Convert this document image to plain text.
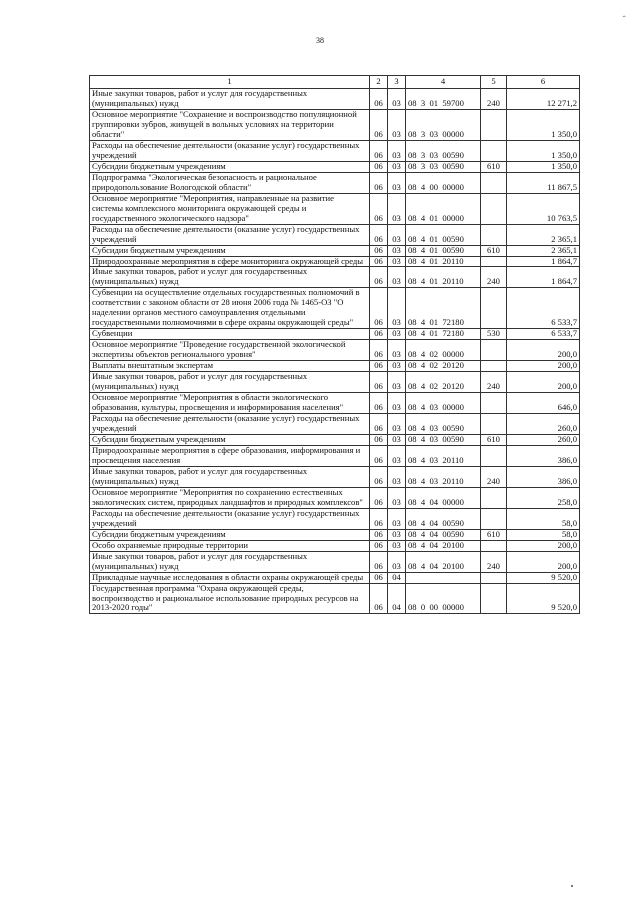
38
1	2	3	4	5	6
Иные закупки товаров, работ и услуг для государственных (муниципальных) нужд	06	03	08  3  01  59700	240	12 271,2
Основное мероприятие "Сохранение и воспроизводство популяционной группировки зубров, живущей в вольных условиях на территории области"	06	03	08  3  03  00000		1 350,0
Расходы на обеспечение деятельности (оказание услуг) государственных учреждений	06	03	08  3  03  00590		1 350,0
Субсидии бюджетным учреждениям	06	03	08  3  03  00590	610	1 350,0
Подпрограмма "Экологическая безопасность и рациональное природопользование Вологодской области"	06	03	08  4  00  00000		11 867,5
Основное мероприятие "Мероприятия, направленные на развитие системы комплексного мониторинга окружающей среды и государственного экологического надзора"	06	03	08  4  01  00000		10 763,5
Расходы на обеспечение деятельности (оказание услуг) государственных учреждений	06	03	08  4  01  00590		2 365,1
Субсидии бюджетным учреждениям	06	03	08  4  01  00590	610	2 365,1
Природоохранные мероприятия в сфере мониторинга окружающей среды	06	03	08  4  01  20110		1 864,7
Иные закупки товаров, работ и услуг для государственных (муниципальных) нужд	06	03	08  4  01  20110	240	1 864,7
Субвенции на осуществление отдельных государственных полномочий в соответствии с законом области от 28 июня 2006 года № 1465-ОЗ "О наделении органов местного самоуправления отдельными государственными полномочиями в сфере охраны окружающей среды"	06	03	08  4  01  72180		6 533,7
Субвенции	06	03	08  4  01  72180	530	6 533,7
Основное мероприятие "Проведение государственной экологической экспертизы объектов регионального уровня"	06	03	08  4  02  00000		200,0
Выплаты внештатным экспертам	06	03	08  4  02  20120		200,0
Иные закупки товаров, работ и услуг для государственных (муниципальных) нужд	06	03	08  4  02  20120	240	200,0
Основное мероприятие "Мероприятия в области экологического образования, культуры, просвещения и информирования населения"	06	03	08  4  03  00000		646,0
Расходы на обеспечение деятельности (оказание услуг) государственных учреждений	06	03	08  4  03  00590		260,0
Субсидии бюджетным учреждениям	06	03	08  4  03  00590	610	260,0
Природоохранные мероприятия в сфере образования, информирования и просвещения населения	06	03	08  4  03  20110		386,0
Иные закупки товаров, работ и услуг для государственных (муниципальных) нужд	06	03	08  4  03  20110	240	386,0
Основное мероприятие "Мероприятия по сохранению естественных экологических систем, природных ландшафтов и природных комплексов"	06	03	08  4  04  00000		258,0
Расходы на обеспечение деятельности (оказание услуг) государственных учреждений	06	03	08  4  04  00590		58,0
Субсидии бюджетным учреждениям	06	03	08  4  04  00590	610	58,0
Особо охраняемые природные территории	06	03	08  4  04  20100		200,0
Иные закупки товаров, работ и услуг для государственных (муниципальных) нужд	06	03	08  4  04  20100	240	200,0
Прикладные научные исследования в области охраны окружающей среды	06	04			9 520,0
Государственная программа "Охрана окружающей среды, воспроизводство и рациональное использование природных ресурсов на 2013-2020 годы"	06	04	08  0  00  00000		9 520,0
‹
